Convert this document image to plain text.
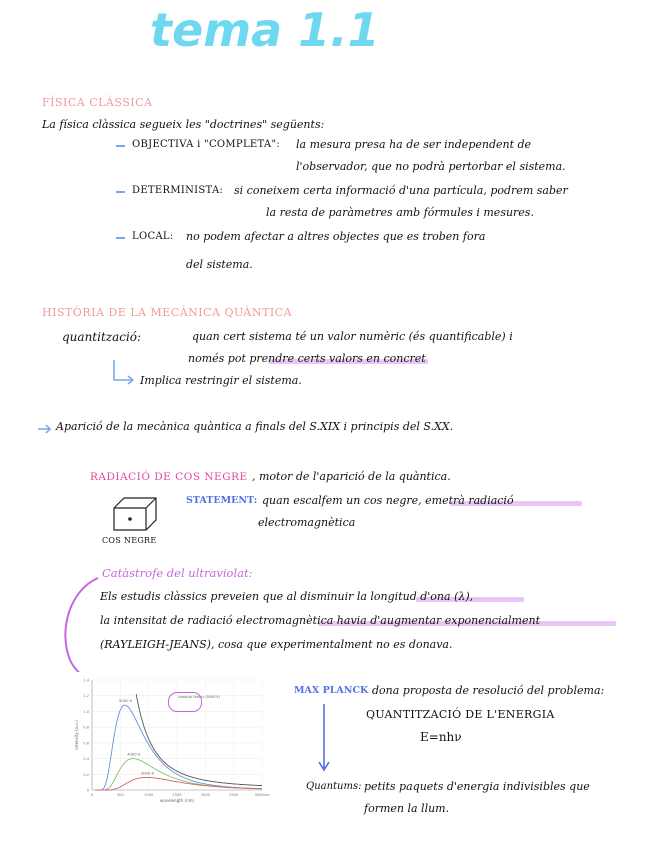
tema 1.1
FÍSICA CLÀSSICA
La física clàssica segueix les "doctrines" següents:
OBJECTIVA i "COMPLETA": la mesura presa ha de ser independent de
l'observador, que no podrà pertorbar el sistema.
DETERMINISTA: si coneixem certa informació d'una partícula, podrem saber
la resta de paràmetres amb fórmules i mesures.
LOCAL: no podem afectar a altres objectes que es troben fora
del sistema.
HISTÒRIA DE LA MECÀNICA QUÀNTICA
quantització:	quan cert sistema té un valor numèric (és quantificable) i
només pot prendre certs valors en concret
Implica restringir el sistema.
Aparició de la mecànica quàntica a finals del S.XIX i principis del S.XX.
RADIACIÓ DE COS NEGRE , motor de l'aparició de la quàntica.
STATEMENT: quan escalfem un cos negre, emetrà radiació
electromagnètica
COS NEGRE
Catàstrofe del ultraviolat:
Els estudis clàssics preveien que al disminuir la longitud d'ona (λ),
la intensitat de radiació electromagnètica havia d'augmentar exponencialment
(RAYLEIGH-JEANS), cosa que experimentalment no es donava.
0
0.2
0.4
0.6
0.8
1.0
1.2
1.4
0	500	1000	1500	2000	2500	3000nm
wavelength (nm)
intensity (a.u.)
5000 K
4000 K
3000 K
classical theory (5000 K)
MAX PLANCK dona proposta de resolució del problema:
QUANTITZACIÓ DE L'ENERGIA
E=nhν
Quantums: petits paquets d'energia indivisibles que
formen la llum.
